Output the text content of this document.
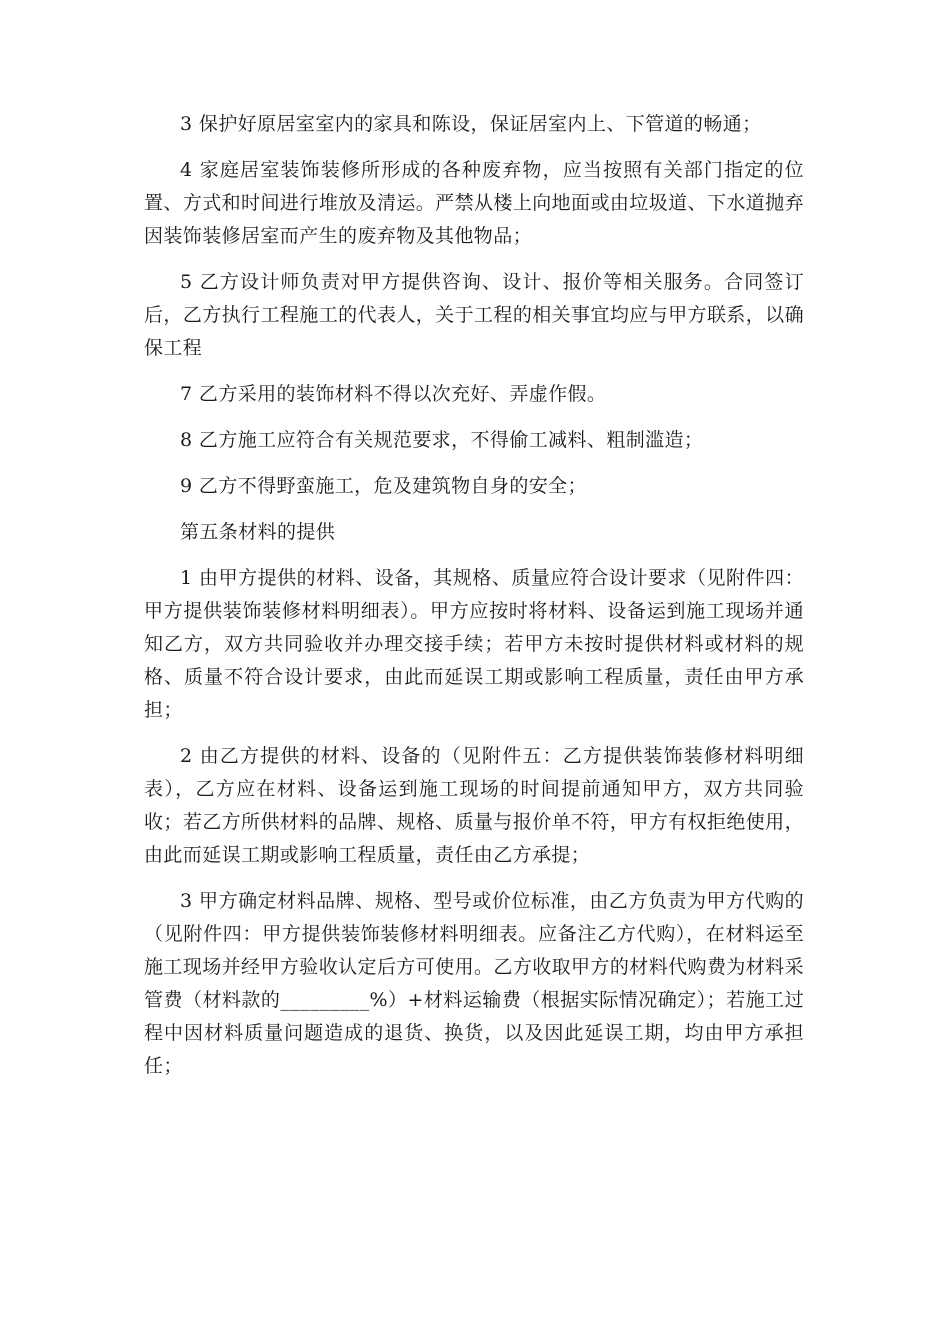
3 保护好原居室室内的家具和陈设，保证居室内上、下管道的畅通；

4 家庭居室装饰装修所形成的各种废弃物，应当按照有关部门指定的位置、方式和时间进行堆放及清运。严禁从楼上向地面或由垃圾道、下水道抛弃因装饰装修居室而产生的废弃物及其他物品；

5 乙方设计师负责对甲方提供咨询、设计、报价等相关服务。合同签订后，乙方执行工程施工的代表人，关于工程的相关事宜均应与甲方联系，以确保工程

7 乙方采用的装饰材料不得以次充好、弄虚作假。

8 乙方施工应符合有关规范要求，不得偷工减料、粗制滥造；

9 乙方不得野蛮施工，危及建筑物自身的安全；

第五条材料的提供

1 由甲方提供的材料、设备，其规格、质量应符合设计要求（见附件四：甲方提供装饰装修材料明细表）。甲方应按时将材料、设备运到施工现场并通知乙方，双方共同验收并办理交接手续；若甲方未按时提供材料或材料的规格、质量不符合设计要求，由此而延误工期或影响工程质量，责任由甲方承担；

2 由乙方提供的材料、设备的（见附件五：乙方提供装饰装修材料明细表），乙方应在材料、设备运到施工现场的时间提前通知甲方，双方共同验收；若乙方所供材料的品牌、规格、质量与报价单不符，甲方有权拒绝使用，由此而延误工期或影响工程质量，责任由乙方承提；

3 甲方确定材料品牌、规格、型号或价位标准，由乙方负责为甲方代购的（见附件四：甲方提供装饰装修材料明细表。应备注乙方代购），在材料运至施工现场并经甲方验收认定后方可使用。乙方收取甲方的材料代购费为材料采管费（材料款的_________%）+材料运输费（根据实际情况确定）；若施工过程中因材料质量问题造成的退货、换货，以及因此延误工期，均由甲方承担任；
